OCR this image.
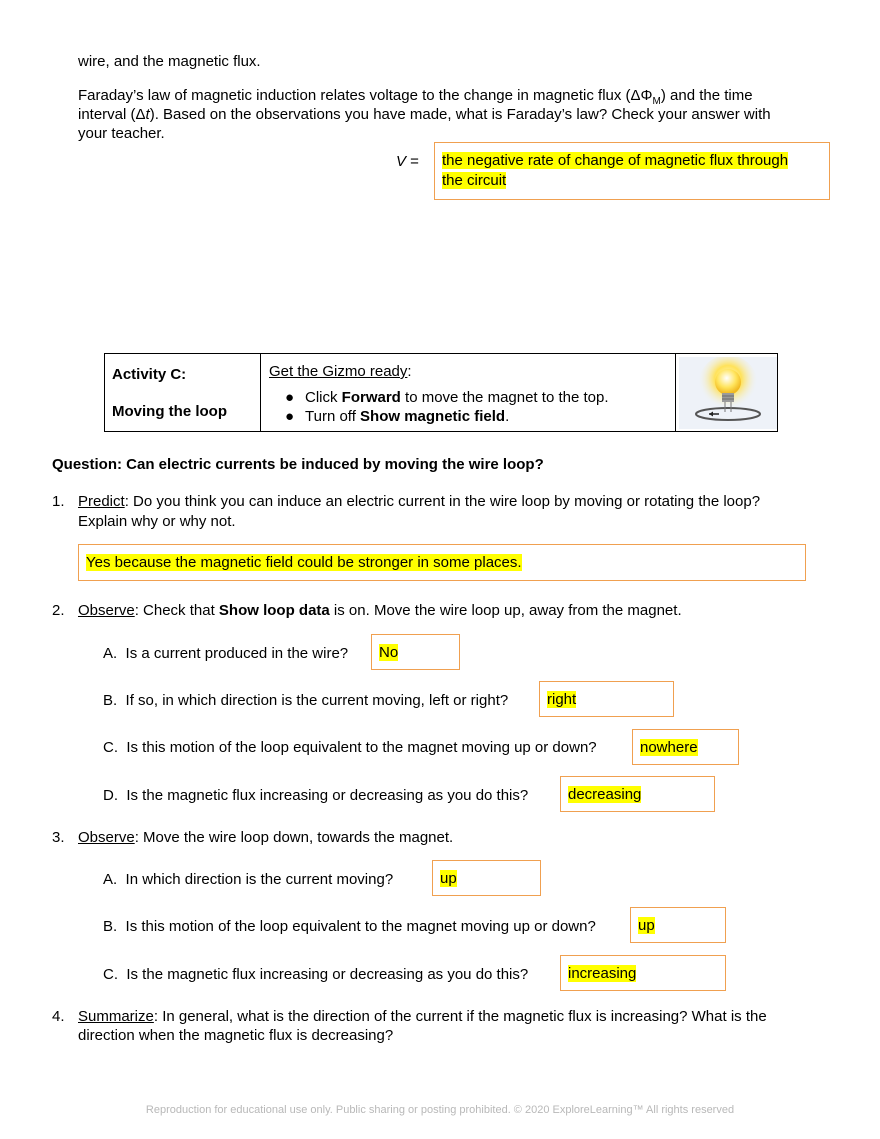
wire, and the magnetic flux.
Faraday’s law of magnetic induction relates voltage to the change in magnetic flux $(\Delta\Phi_M)$ and the time
interval (Δt). Based on the observations you have made, what is Faraday’s law? Check your answer with
your teacher.
V = the negative rate of change of magnetic flux through
the circuit
Activity C:
Moving the loop

Get the Gizmo ready:
● Click Forward to move the magnet to the top.
● Turn off Show magnetic field.

Question: Can electric currents be induced by moving the wire loop?
1. Predict: Do you think you can induce an electric current in the wire loop by moving or rotating the loop?
Explain why or why not.
Yes because the magnetic field could be stronger in some places.
2. Observe: Check that Show loop data is on. Move the wire loop up, away from the magnet.
A. Is a current produced in the wire? No
B. If so, in which direction is the current moving, left or right?	right
C. Is this motion of the loop equivalent to the magnet moving up or down?	nowhere
D. Is the magnetic flux increasing or decreasing as you do this?	decreasing
3. Observe: Move the wire loop down, towards the magnet.
A. In which direction is the current moving?	up
B. Is this motion of the loop equivalent to the magnet moving up or down?	up
C. Is the magnetic flux increasing or decreasing as you do this?	increasing
4. Summarize: In general, what is the direction of the current if the magnetic flux is increasing? What is the
direction when the magnetic flux is decreasing?
Reproduction for educational use only. Public sharing or posting prohibited. © 2020 ExploreLearning™ All rights reserved
